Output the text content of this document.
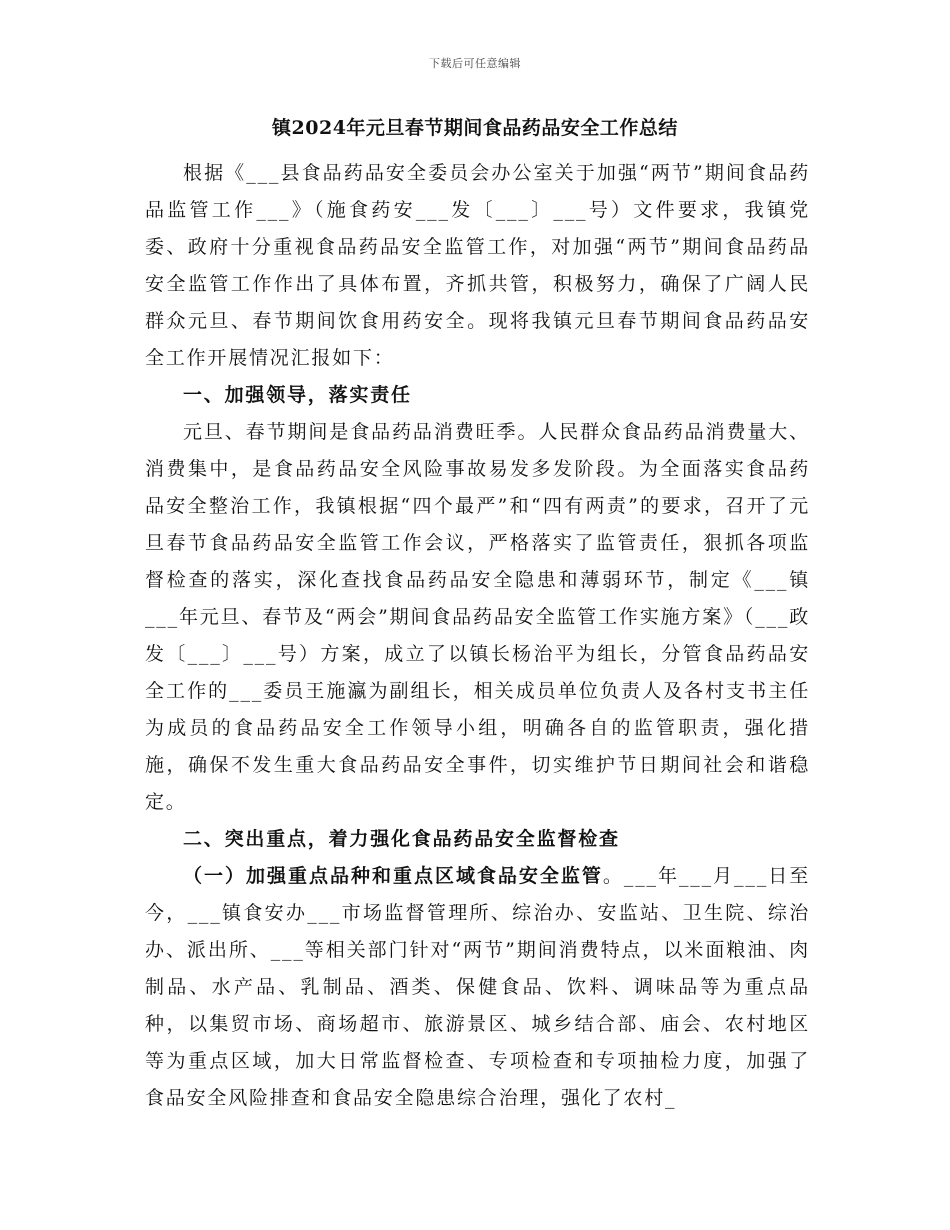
下载后可任意编辑
镇2024年元旦春节期间食品药品安全工作总结

根据《___县食品药品安全委员会办公室关于加强“两节”期间食品药品监管工作___》（施食药安___发〔___〕___号）文件要求，我镇党委、政府十分重视食品药品安全监管工作，对加强“两节”期间食品药品安全监管工作作出了具体布置，齐抓共管，积极努力，确保了广阔人民群众元旦、春节期间饮食用药安全。现将我镇元旦春节期间食品药品安全工作开展情况汇报如下：

一、加强领导，落实责任

元旦、春节期间是食品药品消费旺季。人民群众食品药品消费量大、消费集中，是食品药品安全风险事故易发多发阶段。为全面落实食品药品安全整治工作，我镇根据“四个最严”和“四有两责”的要求，召开了元旦春节食品药品安全监管工作会议，严格落实了监管责任，狠抓各项监督检查的落实，深化查找食品药品安全隐患和薄弱环节，制定《___镇___年元旦、春节及“两会”期间食品药品安全监管工作实施方案》（___政发〔___〕___号）方案，成立了以镇长杨治平为组长，分管食品药品安全工作的___委员王施瀛为副组长，相关成员单位负责人及各村支书主任为成员的食品药品安全工作领导小组，明确各自的监管职责，强化措施，确保不发生重大食品药品安全事件，切实维护节日期间社会和谐稳定。

二、突出重点，着力强化食品药品安全监督检查

（一）加强重点品种和重点区域食品安全监管。___年___月___日至今，___镇食安办___市场监督管理所、综治办、安监站、卫生院、综治办、派出所、___等相关部门针对“两节”期间消费特点，以米面粮油、肉制品、水产品、乳制品、酒类、保健食品、饮料、调味品等为重点品种，以集贸市场、商场超市、旅游景区、城乡结合部、庙会、农村地区等为重点区域，加大日常监督检查、专项检查和专项抽检力度，加强了食品安全风险排查和食品安全隐患综合治理，强化了农村_
